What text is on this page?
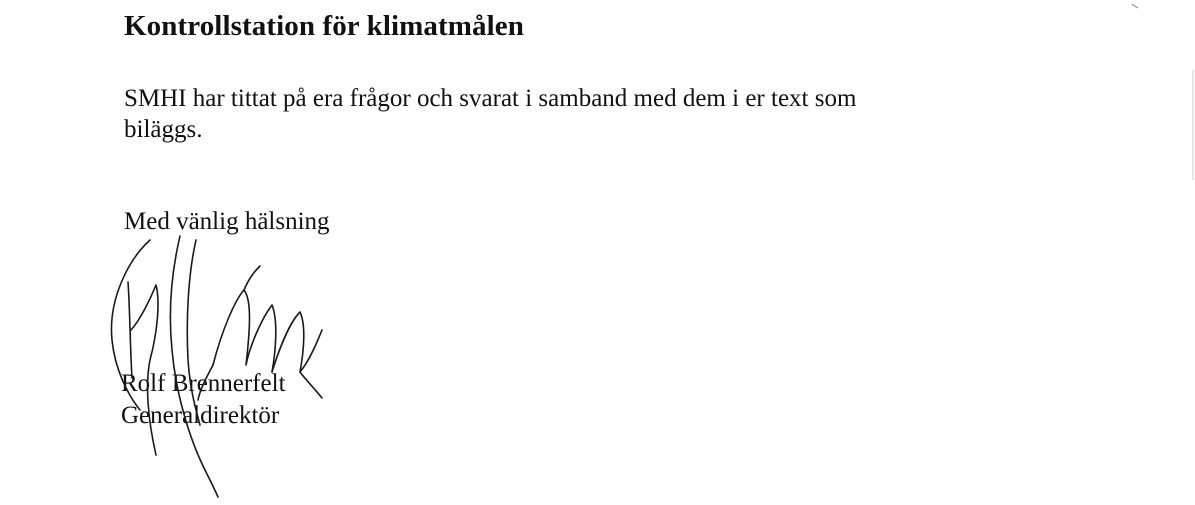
Kontrollstation för klimatmålen
SMHI har tittat på era frågor och svarat i samband med dem i er text som
biläggs.
Med vänlig hälsning
Rolf Brennerfelt
Generaldirektör
